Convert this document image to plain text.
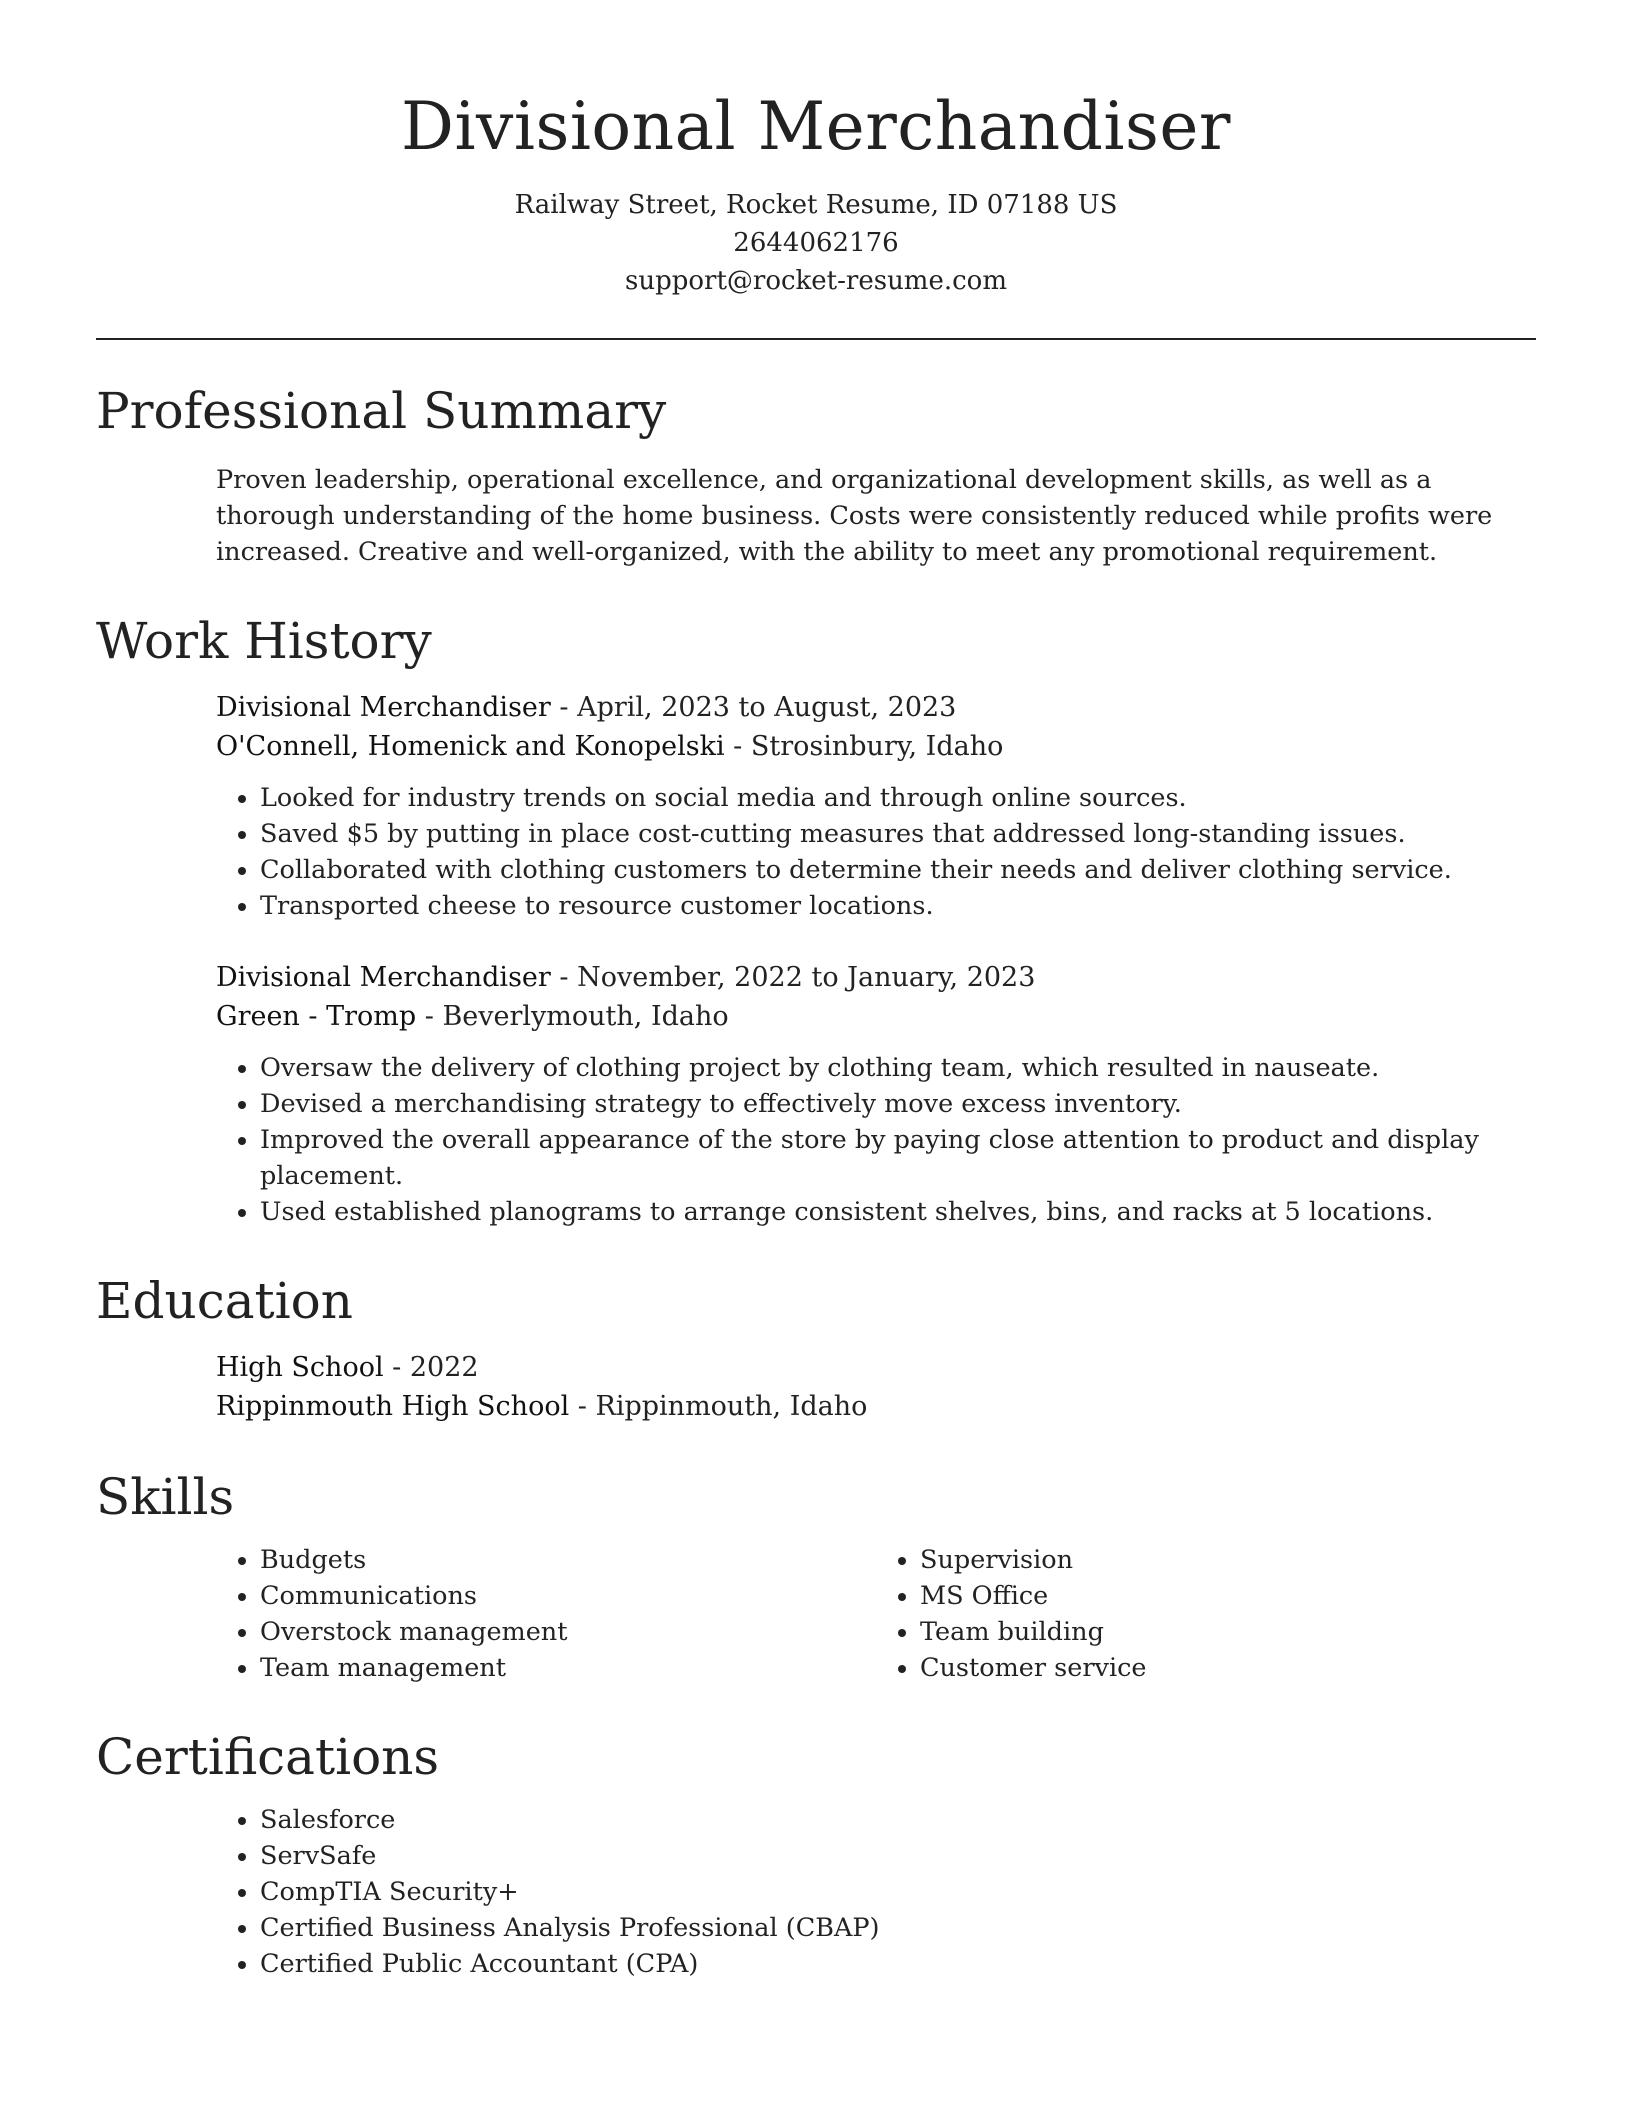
Divisional Merchandiser
Railway Street, Rocket Resume, ID 07188 US
2644062176
support@rocket-resume.com
Professional Summary

Proven leadership, operational excellence, and organizational development skills, as well as a thorough understanding of the home business. Costs were consistently reduced while profits were increased. Creative and well-organized, with the ability to meet any promotional requirement.

Work History
Divisional Merchandiser - April, 2023 to August, 2023
O'Connell, Homenick and Konopelski - Strosinbury, Idaho
• Looked for industry trends on social media and through online sources.
• Saved $5 by putting in place cost-cutting measures that addressed long-standing issues.
• Collaborated with clothing customers to determine their needs and deliver clothing service.
• Transported cheese to resource customer locations.
Divisional Merchandiser - November, 2022 to January, 2023
Green - Tromp - Beverlymouth, Idaho
• Oversaw the delivery of clothing project by clothing team, which resulted in nauseate.
• Devised a merchandising strategy to effectively move excess inventory.
• Improved the overall appearance of the store by paying close attention to product and display placement.
• Used established planograms to arrange consistent shelves, bins, and racks at 5 locations.
Education
High School - 2022
Rippinmouth High School - Rippinmouth, Idaho
Skills
• Budgets
• Communications
• Overstock management
• Team management
• Supervision
• MS Office
• Team building
• Customer service
Certifications
• Salesforce
• ServSafe
• CompTIA Security+
• Certified Business Analysis Professional (CBAP)
• Certified Public Accountant (CPA)
